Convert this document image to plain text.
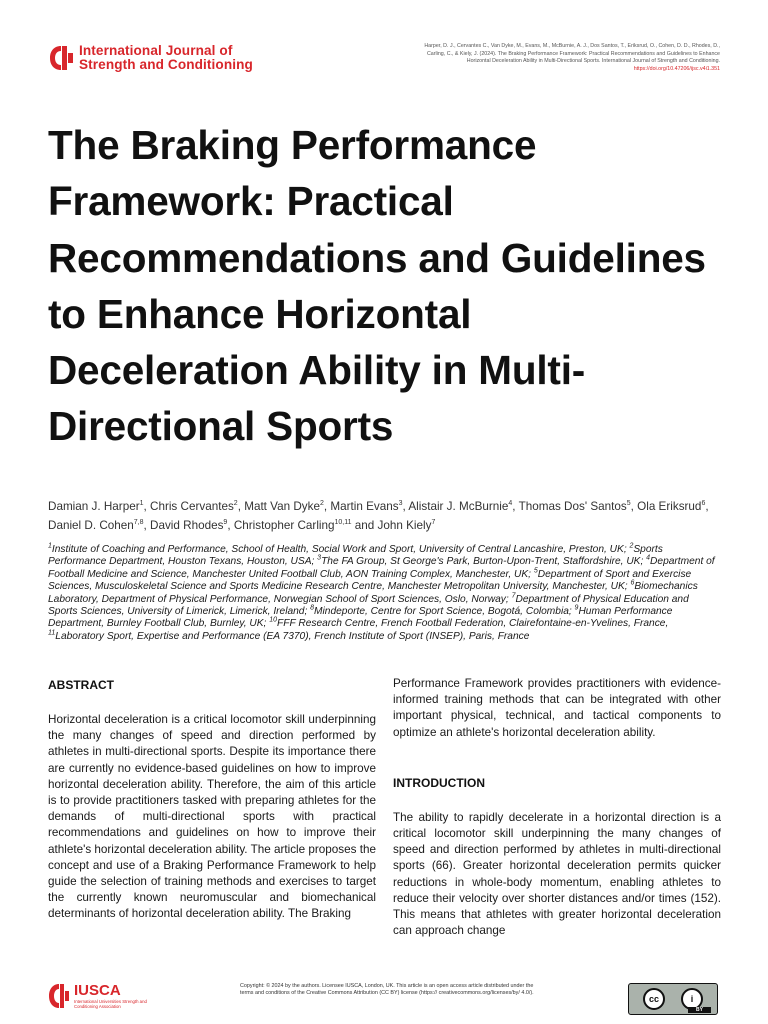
International Journal of
Strength and Conditioning
Harper, D. J., Cervantes C., Van Dyke, M., Evans, M., McBurnie, A. J., Dos Santos, T., Eriksrud, O., Cohen, D. D., Rhodes, D., Carling, C., & Kiely, J. (2024). The Braking Performance Framework: Practical Recommendations and Guidelines to Enhance Horizontal Deceleration Ability in Multi-Directional Sports. International Journal of Strength and Conditioning.
https://doi.org/10.47206/ijsc.v4i1.351
The Braking Performance Framework: Practical Recommendations and Guidelines to Enhance Horizontal Deceleration Ability in Multi-Directional Sports
Damian J. Harper$^1$, Chris Cervantes$^2$, Matt Van Dyke$^2$, Martin Evans$^3$, Alistair J. McBurnie$^4$, Thomas Dos' Santos$^5$, Ola Eriksrud$^6$, Daniel D. Cohen$^{7,8}$, David Rhodes$^9$, Christopher Carling$^{10,11}$ and John Kiely$^7$
$^1$Institute of Coaching and Performance, School of Health, Social Work and Sport, University of Central Lancashire, Preston, UK; $^2$Sports Performance Department, Houston Texans, Houston, USA; $^3$The FA Group, St George's Park, Burton-Upon-Trent, Staffordshire, UK; $^4$Department of Football Medicine and Science, Manchester United Football Club, AON Training Complex, Manchester, UK; $^5$Department of Sport and Exercise Sciences, Musculoskeletal Science and Sports Medicine Research Centre, Manchester Metropolitan University, Manchester, UK; $^6$Biomechanics Laboratory, Department of Physical Performance, Norwegian School of Sport Sciences, Oslo, Norway; $^7$Department of Physical Education and Sports Sciences, University of Limerick, Limerick, Ireland; $^8$Mindeporte, Centre for Sport Science, Bogotá, Colombia; $^9$Human Performance Department, Burnley Football Club, Burnley, UK; $^{10}$FFF Research Centre, French Football Federation, Clairefontaine-en-Yvelines, France, $^{11}$Laboratory Sport, Expertise and Performance (EA 7370), French Institute of Sport (INSEP), Paris, France
ABSTRACT

Horizontal deceleration is a critical locomotor skill underpinning the many changes of speed and direction performed by athletes in multi-directional sports. Despite its importance there are currently no evidence-based guidelines on how to improve horizontal deceleration ability. Therefore, the aim of this article is to provide practitioners tasked with preparing athletes for the demands of multi-directional sports with practical recommendations and guidelines on how to improve their athlete's horizontal deceleration ability. The article proposes the concept and use of a Braking Performance Framework to help guide the selection of training methods and exercises to target the currently known neuromuscular and biomechanical determinants of horizontal deceleration ability. The Braking

Performance Framework provides practitioners with evidence-informed training methods that can be integrated with other important physical, technical, and tactical components to optimize an athlete's horizontal deceleration ability.

INTRODUCTION

The ability to rapidly decelerate in a horizontal direction is a critical locomotor skill underpinning the many changes of speed and direction performed by athletes in multi-directional sports (66). Greater horizontal deceleration permits quicker reductions in whole-body momentum, enabling athletes to reduce their velocity over shorter distances and/or times (152). This means that athletes with greater horizontal deceleration can approach change

IUSCA
International Universities Strength and Conditioning Association
Copyright: © 2024 by the authors. Licensee IUSCA, London, UK. This article is an open access article distributed under the terms and conditions of the Creative Commons Attribution (CC BY) license (https:// creativecommons.org/licenses/by/ 4.0/).
cc	i
BY
